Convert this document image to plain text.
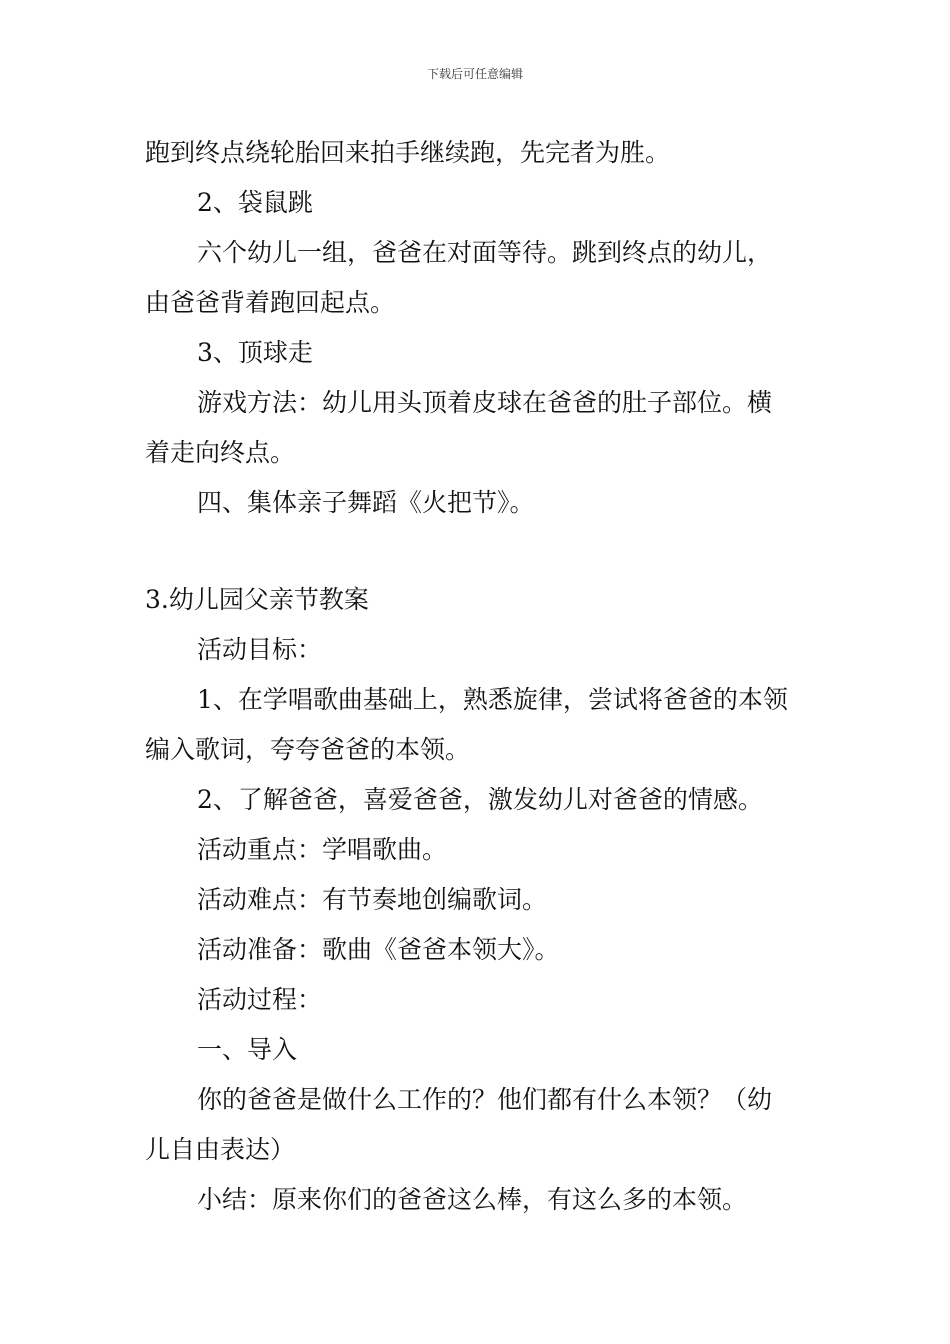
下载后可任意编辑

跑到终点绕轮胎回来拍手继续跑，先完者为胜。

2、袋鼠跳

六个幼儿一组，爸爸在对面等待。跳到终点的幼儿，

由爸爸背着跑回起点。

3、顶球走

游戏方法：幼儿用头顶着皮球在爸爸的肚子部位。横

着走向终点。

四、集体亲子舞蹈《火把节》。

3.幼儿园父亲节教案

活动目标：

1、在学唱歌曲基础上，熟悉旋律，尝试将爸爸的本领

编入歌词，夸夸爸爸的本领。

2、了解爸爸，喜爱爸爸，激发幼儿对爸爸的情感。

活动重点：学唱歌曲。

活动难点：有节奏地创编歌词。

活动准备：歌曲《爸爸本领大》。

活动过程：

一、导入

你的爸爸是做什么工作的？他们都有什么本领？（幼

儿自由表达）

小结：原来你们的爸爸这么棒，有这么多的本领。
